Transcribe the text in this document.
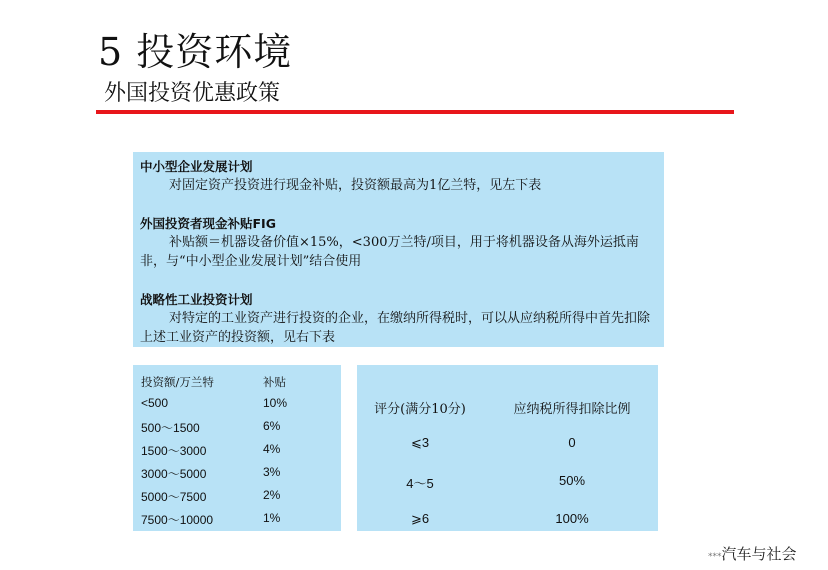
5 投资环境
外国投资优惠政策
中小型企业发展计划
对固定资产投资进行现金补贴，投资额最高为1亿兰特，见左下表
外国投资者现金补贴FIG
补贴额＝机器设备价值×15%，<300万兰特/项目，用于将机器设备从海外运抵南非，与“中小型企业发展计划”结合使用
战略性工业投资计划
对特定的工业资产进行投资的企业，在缴纳所得税时，可以从应纳税所得中首先扣除上述工业资产的投资额，见右下表
投资额/万兰特	补贴
<500	10%
500～1500	6%
1500～3000	4%
3000～5000	3%
5000～7500	2%
7500～10000	1%
评分(满分10分)	应纳税所得扣除比例
⩽3	0
4～5	50%
⩾6	100%
***汽车与社会
